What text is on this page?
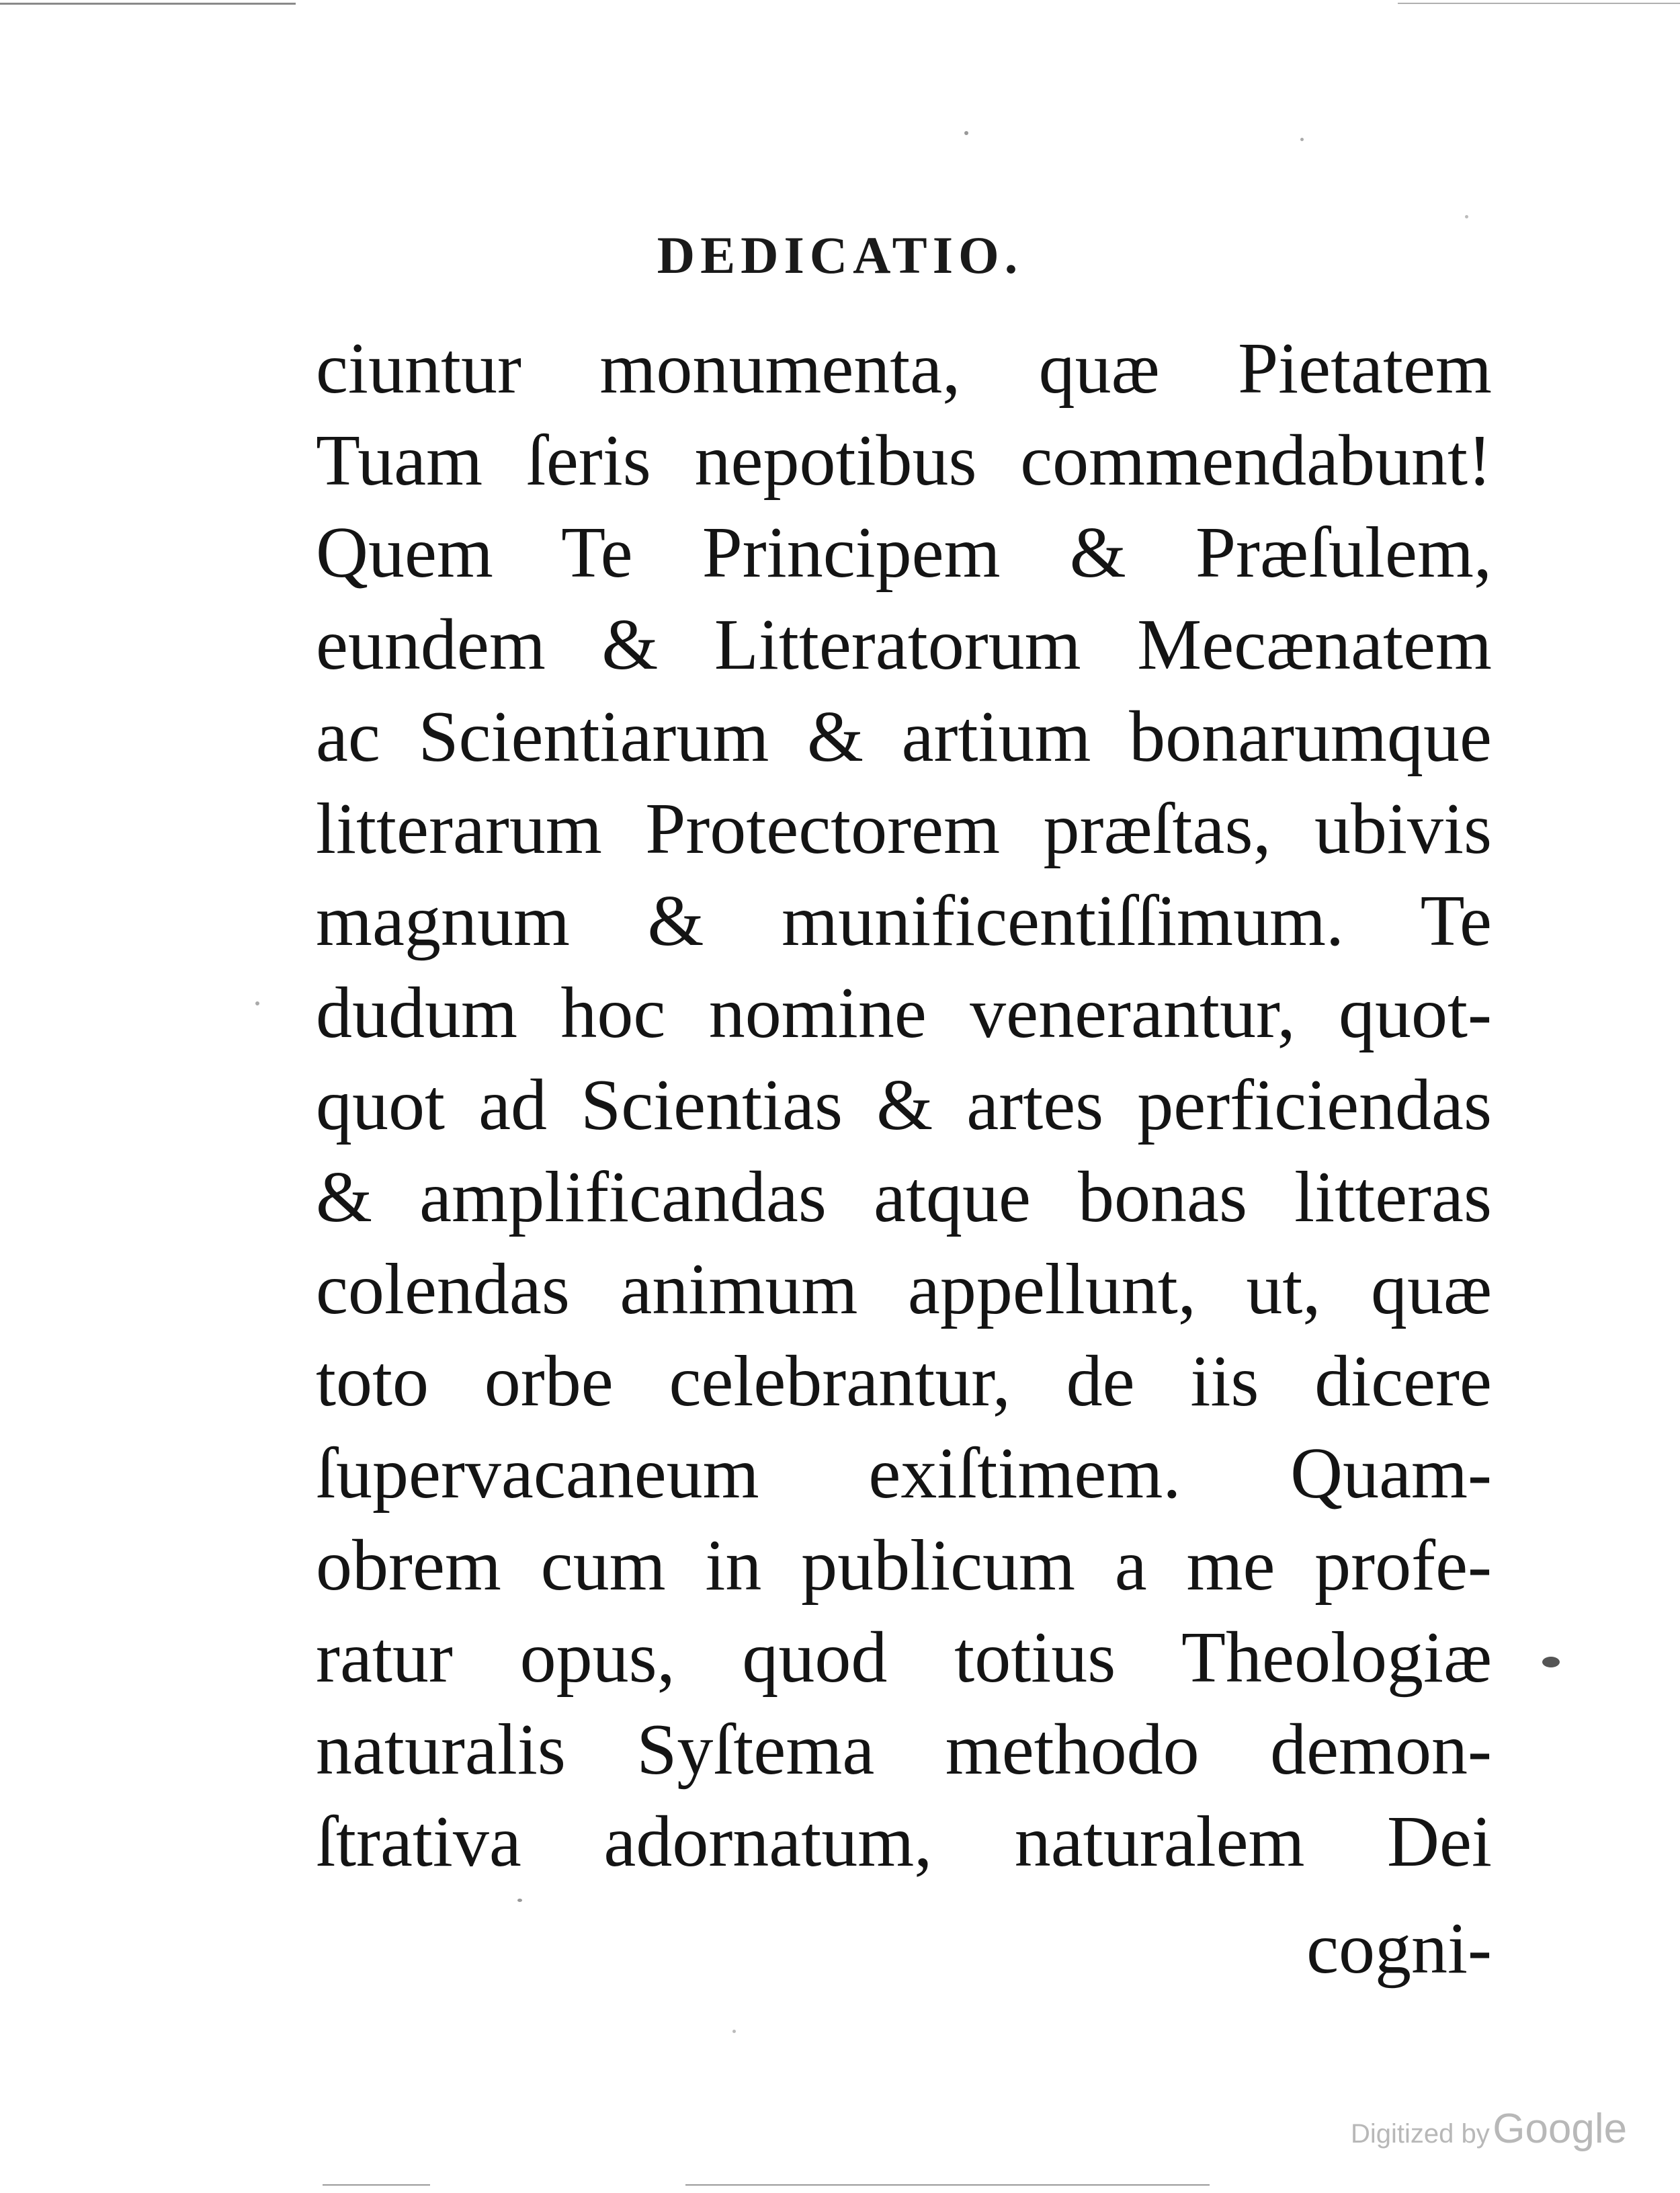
DEDICATIO.
ciuntur monumenta, quæ Pietatem
Tuam ſeris nepotibus commendabunt!
Quem Te Principem & Præſulem,
eundem & Litteratorum Mecænatem
ac Scientiarum & artium bonarumque
litterarum Protectorem præſtas, ubivis
magnum & munificentiſſimum. Te
dudum hoc nomine venerantur, quot-
quot ad Scientias & artes perficiendas
& amplificandas atque bonas litteras
colendas animum appellunt, ut, quæ
toto orbe celebrantur, de iis dicere
ſupervacaneum exiſtimem. Quam-
obrem cum in publicum a me profe-
ratur opus, quod totius Theologiæ
naturalis Syſtema methodo demon-
ſtrativa adornatum, naturalem Dei
cogni-
Digitized by Google
